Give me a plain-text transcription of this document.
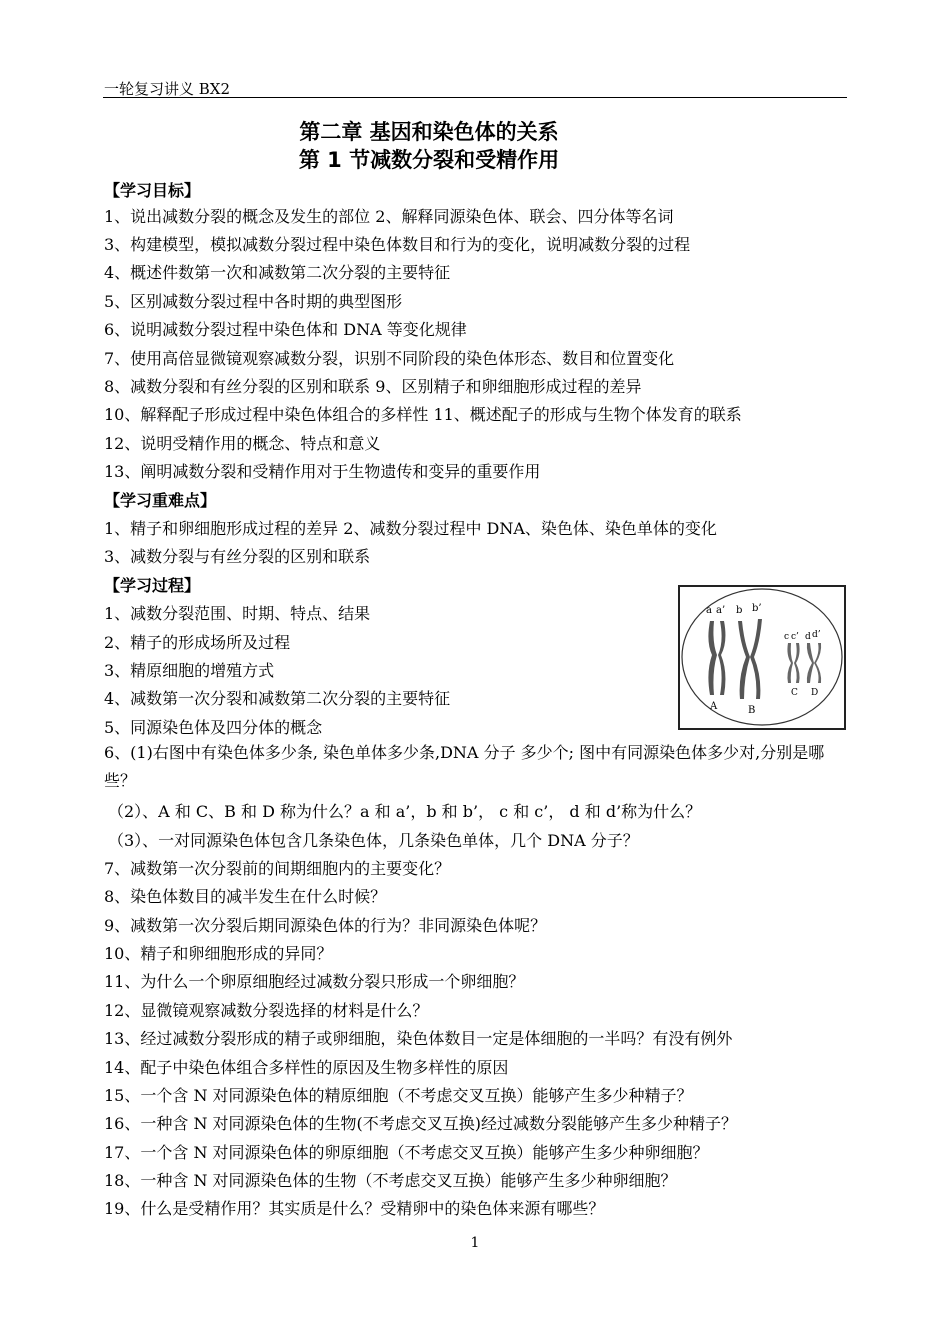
一轮复习讲义 BX2
第二章 基因和染色体的关系
第 1 节减数分裂和受精作用
【学习目标】
1、说出减数分裂的概念及发生的部位 2、解释同源染色体、联会、四分体等名词
3、构建模型，模拟减数分裂过程中染色体数目和行为的变化，说明减数分裂的过程
4、概述件数第一次和减数第二次分裂的主要特征
5、区别减数分裂过程中各时期的典型图形
6、说明减数分裂过程中染色体和 DNA 等变化规律
7、使用高倍显微镜观察减数分裂，识别不同阶段的染色体形态、数目和位置变化
8、减数分裂和有丝分裂的区别和联系 9、区别精子和卵细胞形成过程的差异
10、解释配子形成过程中染色体组合的多样性 11、概述配子的形成与生物个体发育的联系
12、说明受精作用的概念、特点和意义
13、阐明减数分裂和受精作用对于生物遗传和变异的重要作用
【学习重难点】
1、精子和卵细胞形成过程的差异 2、减数分裂过程中 DNA、染色体、染色单体的变化
3、减数分裂与有丝分裂的区别和联系
【学习过程】
1、减数分裂范围、时期、特点、结果
2、精子的形成场所及过程
3、精原细胞的增殖方式
4、减数第一次分裂和减数第二次分裂的主要特征
5、同源染色体及四分体的概念
a a’ b b’
c c’ d d’
A	B
C D
6、(1)右图中有染色体多少条, 染色单体多少条,DNA 分子 多少个; 图中有同源染色体多少对,分别是哪些？
（2）、A 和 C、B 和 D 称为什么？a 和 a’，b 和 b’， c 和 c’， d 和 d’称为什么？
（3）、一对同源染色体包含几条染色体，几条染色单体，几个 DNA 分子？
7、减数第一次分裂前的间期细胞内的主要变化？
8、染色体数目的减半发生在什么时候？
9、减数第一次分裂后期同源染色体的行为？非同源染色体呢？
10、精子和卵细胞形成的异同？
11、为什么一个卵原细胞经过减数分裂只形成一个卵细胞？
12、显微镜观察减数分裂选择的材料是什么？
13、经过减数分裂形成的精子或卵细胞，染色体数目一定是体细胞的一半吗？有没有例外
14、配子中染色体组合多样性的原因及生物多样性的原因
15、一个含 N 对同源染色体的精原细胞（不考虑交叉互换）能够产生多少种精子？
16、一种含 N 对同源染色体的生物(不考虑交叉互换)经过减数分裂能够产生多少种精子？
17、一个含 N 对同源染色体的卵原细胞（不考虑交叉互换）能够产生多少种卵细胞？
18、一种含 N 对同源染色体的生物（不考虑交叉互换）能够产生多少种卵细胞？
19、什么是受精作用？其实质是什么？受精卵中的染色体来源有哪些？
1
